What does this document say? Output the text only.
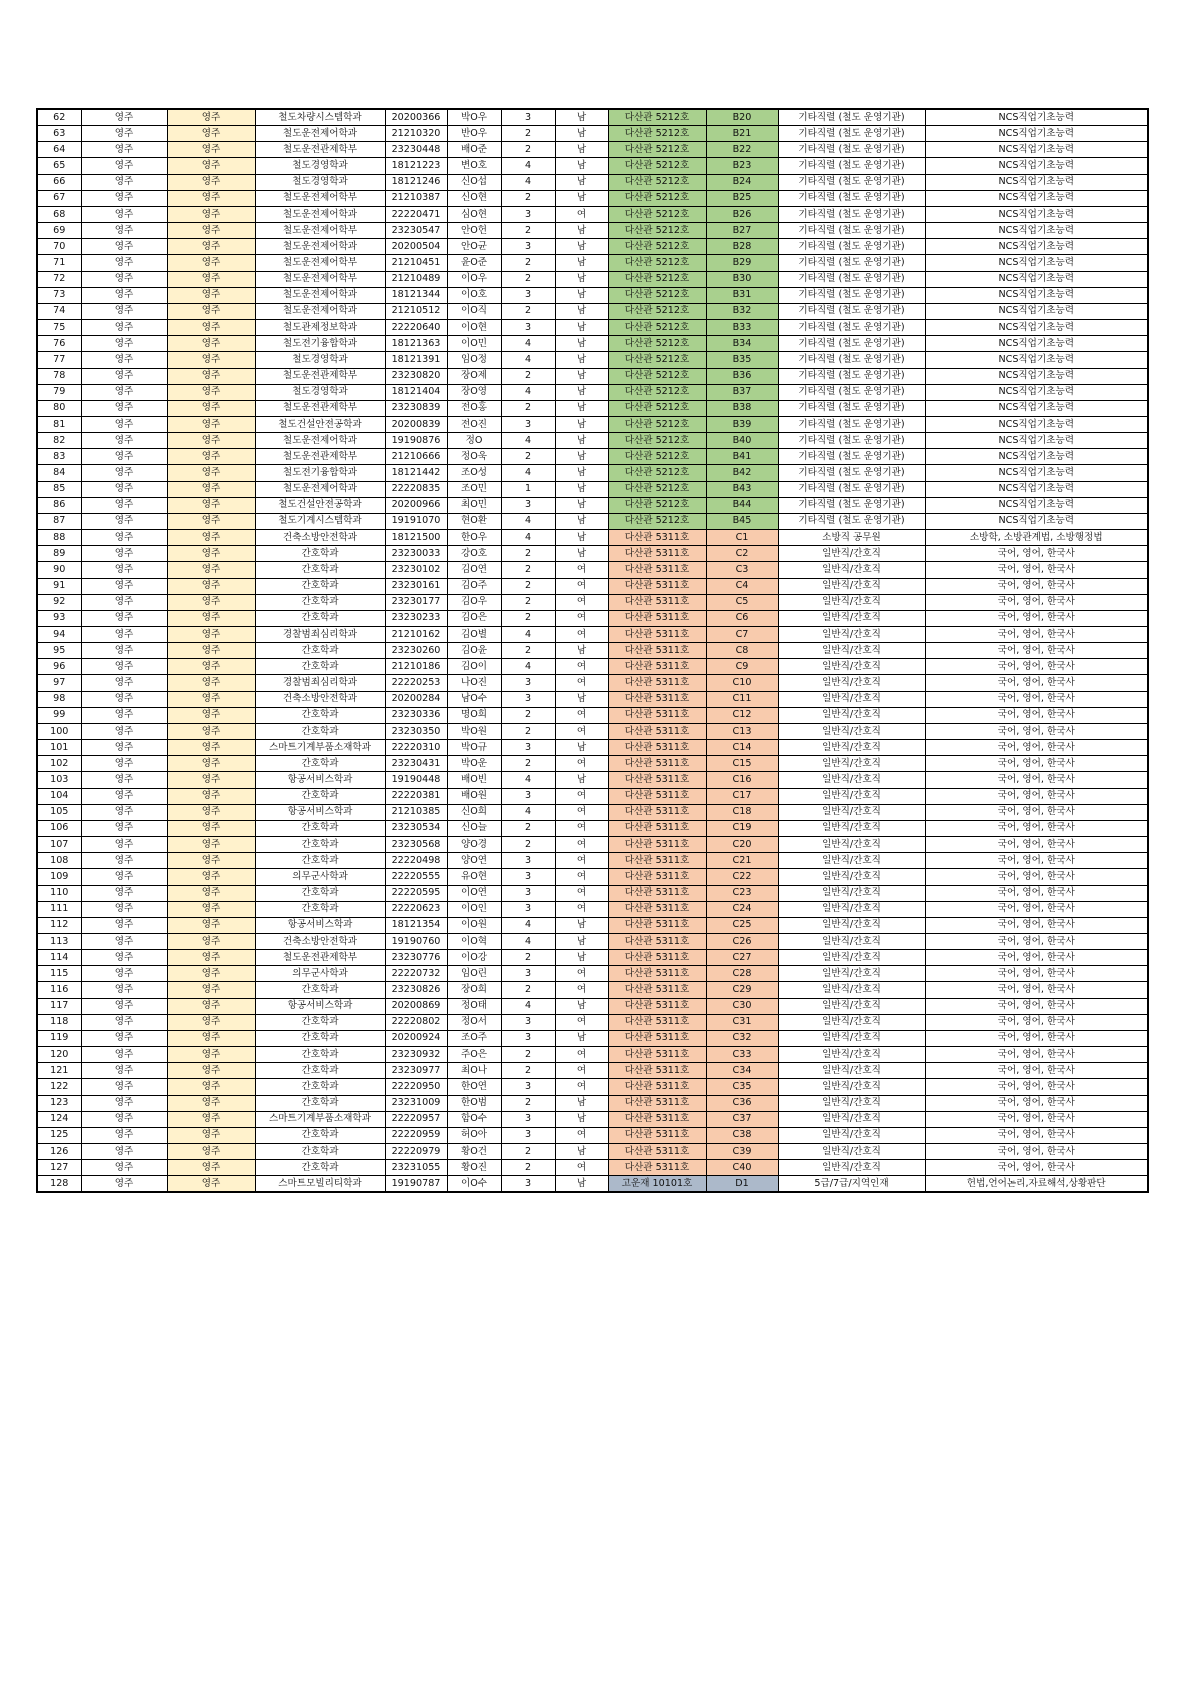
62	영주	영주	철도차량시스템학과	20200366	박O우	3	남	다산관 5212호	B20	기타직렬 (철도 운영기관)	NCS직업기초능력
63	영주	영주	철도운전제어학과	21210320	반O우	2	남	다산관 5212호	B21	기타직렬 (철도 운영기관)	NCS직업기초능력
64	영주	영주	철도운전관제학부	23230448	배O준	2	남	다산관 5212호	B22	기타직렬 (철도 운영기관)	NCS직업기초능력
65	영주	영주	철도경영학과	18121223	변O호	4	남	다산관 5212호	B23	기타직렬 (철도 운영기관)	NCS직업기초능력
66	영주	영주	철도경영학과	18121246	신O섭	4	남	다산관 5212호	B24	기타직렬 (철도 운영기관)	NCS직업기초능력
67	영주	영주	철도운전제어학부	21210387	신O현	2	남	다산관 5212호	B25	기타직렬 (철도 운영기관)	NCS직업기초능력
68	영주	영주	철도운전제어학과	22220471	심O현	3	여	다산관 5212호	B26	기타직렬 (철도 운영기관)	NCS직업기초능력
69	영주	영주	철도운전제어학부	23230547	안O헌	2	남	다산관 5212호	B27	기타직렬 (철도 운영기관)	NCS직업기초능력
70	영주	영주	철도운전제어학과	20200504	안O균	3	남	다산관 5212호	B28	기타직렬 (철도 운영기관)	NCS직업기초능력
71	영주	영주	철도운전제어학부	21210451	윤O준	2	남	다산관 5212호	B29	기타직렬 (철도 운영기관)	NCS직업기초능력
72	영주	영주	철도운전제어학부	21210489	이O우	2	남	다산관 5212호	B30	기타직렬 (철도 운영기관)	NCS직업기초능력
73	영주	영주	철도운전제어학과	18121344	이O호	3	남	다산관 5212호	B31	기타직렬 (철도 운영기관)	NCS직업기초능력
74	영주	영주	철도운전제어학과	21210512	이O직	2	남	다산관 5212호	B32	기타직렬 (철도 운영기관)	NCS직업기초능력
75	영주	영주	철도관제정보학과	22220640	이O현	3	남	다산관 5212호	B33	기타직렬 (철도 운영기관)	NCS직업기초능력
76	영주	영주	철도전기융합학과	18121363	이O민	4	남	다산관 5212호	B34	기타직렬 (철도 운영기관)	NCS직업기초능력
77	영주	영주	철도경영학과	18121391	임O정	4	남	다산관 5212호	B35	기타직렬 (철도 운영기관)	NCS직업기초능력
78	영주	영주	철도운전관제학부	23230820	장O제	2	남	다산관 5212호	B36	기타직렬 (철도 운영기관)	NCS직업기초능력
79	영주	영주	철도경영학과	18121404	장O영	4	남	다산관 5212호	B37	기타직렬 (철도 운영기관)	NCS직업기초능력
80	영주	영주	철도운전관제학부	23230839	전O홍	2	남	다산관 5212호	B38	기타직렬 (철도 운영기관)	NCS직업기초능력
81	영주	영주	철도건설안전공학과	20200839	전O진	3	남	다산관 5212호	B39	기타직렬 (철도 운영기관)	NCS직업기초능력
82	영주	영주	철도운전제어학과	19190876	정O	4	남	다산관 5212호	B40	기타직렬 (철도 운영기관)	NCS직업기초능력
83	영주	영주	철도운전관제학부	21210666	정O욱	2	남	다산관 5212호	B41	기타직렬 (철도 운영기관)	NCS직업기초능력
84	영주	영주	철도전기융합학과	18121442	조O성	4	남	다산관 5212호	B42	기타직렬 (철도 운영기관)	NCS직업기초능력
85	영주	영주	철도운전제어학과	22220835	조O민	1	남	다산관 5212호	B43	기타직렬 (철도 운영기관)	NCS직업기초능력
86	영주	영주	철도건설안전공학과	20200966	최O민	3	남	다산관 5212호	B44	기타직렬 (철도 운영기관)	NCS직업기초능력
87	영주	영주	철도기계시스템학과	19191070	현O환	4	남	다산관 5212호	B45	기타직렬 (철도 운영기관)	NCS직업기초능력
88	영주	영주	건축소방안전학과	18121500	한O우	4	남	다산관 5311호	C1	소방직 공무원	소방학, 소방관계법, 소방행정법
89	영주	영주	간호학과	23230033	강O호	2	남	다산관 5311호	C2	일반직/간호직	국어, 영어, 한국사
90	영주	영주	간호학과	23230102	김O연	2	여	다산관 5311호	C3	일반직/간호직	국어, 영어, 한국사
91	영주	영주	간호학과	23230161	김O주	2	여	다산관 5311호	C4	일반직/간호직	국어, 영어, 한국사
92	영주	영주	간호학과	23230177	김O우	2	여	다산관 5311호	C5	일반직/간호직	국어, 영어, 한국사
93	영주	영주	간호학과	23230233	김O은	2	여	다산관 5311호	C6	일반직/간호직	국어, 영어, 한국사
94	영주	영주	경찰범죄심리학과	21210162	김O별	4	여	다산관 5311호	C7	일반직/간호직	국어, 영어, 한국사
95	영주	영주	간호학과	23230260	김O윤	2	남	다산관 5311호	C8	일반직/간호직	국어, 영어, 한국사
96	영주	영주	간호학과	21210186	김O이	4	여	다산관 5311호	C9	일반직/간호직	국어, 영어, 한국사
97	영주	영주	경찰범죄심리학과	22220253	나O진	3	여	다산관 5311호	C10	일반직/간호직	국어, 영어, 한국사
98	영주	영주	건축소방안전학과	20200284	남O수	3	남	다산관 5311호	C11	일반직/간호직	국어, 영어, 한국사
99	영주	영주	간호학과	23230336	명O희	2	여	다산관 5311호	C12	일반직/간호직	국어, 영어, 한국사
100	영주	영주	간호학과	23230350	박O원	2	여	다산관 5311호	C13	일반직/간호직	국어, 영어, 한국사
101	영주	영주	스마트기계부품소재학과	22220310	박O규	3	남	다산관 5311호	C14	일반직/간호직	국어, 영어, 한국사
102	영주	영주	간호학과	23230431	박O운	2	여	다산관 5311호	C15	일반직/간호직	국어, 영어, 한국사
103	영주	영주	항공서비스학과	19190448	배O빈	4	남	다산관 5311호	C16	일반직/간호직	국어, 영어, 한국사
104	영주	영주	간호학과	22220381	배O원	3	여	다산관 5311호	C17	일반직/간호직	국어, 영어, 한국사
105	영주	영주	항공서비스학과	21210385	신O희	4	여	다산관 5311호	C18	일반직/간호직	국어, 영어, 한국사
106	영주	영주	간호학과	23230534	신O늘	2	여	다산관 5311호	C19	일반직/간호직	국어, 영어, 한국사
107	영주	영주	간호학과	23230568	양O경	2	여	다산관 5311호	C20	일반직/간호직	국어, 영어, 한국사
108	영주	영주	간호학과	22220498	양O연	3	여	다산관 5311호	C21	일반직/간호직	국어, 영어, 한국사
109	영주	영주	의무군사학과	22220555	유O현	3	여	다산관 5311호	C22	일반직/간호직	국어, 영어, 한국사
110	영주	영주	간호학과	22220595	이O연	3	여	다산관 5311호	C23	일반직/간호직	국어, 영어, 한국사
111	영주	영주	간호학과	22220623	이O인	3	여	다산관 5311호	C24	일반직/간호직	국어, 영어, 한국사
112	영주	영주	항공서비스학과	18121354	이O원	4	남	다산관 5311호	C25	일반직/간호직	국어, 영어, 한국사
113	영주	영주	건축소방안전학과	19190760	이O혁	4	남	다산관 5311호	C26	일반직/간호직	국어, 영어, 한국사
114	영주	영주	철도운전관제학부	23230776	이O강	2	남	다산관 5311호	C27	일반직/간호직	국어, 영어, 한국사
115	영주	영주	의무군사학과	22220732	임O린	3	여	다산관 5311호	C28	일반직/간호직	국어, 영어, 한국사
116	영주	영주	간호학과	23230826	장O희	2	여	다산관 5311호	C29	일반직/간호직	국어, 영어, 한국사
117	영주	영주	항공서비스학과	20200869	정O태	4	남	다산관 5311호	C30	일반직/간호직	국어, 영어, 한국사
118	영주	영주	간호학과	22220802	정O서	3	여	다산관 5311호	C31	일반직/간호직	국어, 영어, 한국사
119	영주	영주	간호학과	20200924	조O주	3	남	다산관 5311호	C32	일반직/간호직	국어, 영어, 한국사
120	영주	영주	간호학과	23230932	주O은	2	여	다산관 5311호	C33	일반직/간호직	국어, 영어, 한국사
121	영주	영주	간호학과	23230977	최O나	2	여	다산관 5311호	C34	일반직/간호직	국어, 영어, 한국사
122	영주	영주	간호학과	22220950	한O연	3	여	다산관 5311호	C35	일반직/간호직	국어, 영어, 한국사
123	영주	영주	간호학과	23231009	한O범	2	남	다산관 5311호	C36	일반직/간호직	국어, 영어, 한국사
124	영주	영주	스마트기계부품소재학과	22220957	함O수	3	남	다산관 5311호	C37	일반직/간호직	국어, 영어, 한국사
125	영주	영주	간호학과	22220959	허O아	3	여	다산관 5311호	C38	일반직/간호직	국어, 영어, 한국사
126	영주	영주	간호학과	22220979	황O건	2	남	다산관 5311호	C39	일반직/간호직	국어, 영어, 한국사
127	영주	영주	간호학과	23231055	황O진	2	여	다산관 5311호	C40	일반직/간호직	국어, 영어, 한국사
128	영주	영주	스마트모빌리티학과	19190787	이O수	3	남	고운재 10101호	D1	5급/7급/지역인재	헌법,언어논리,자료해석,상황판단
